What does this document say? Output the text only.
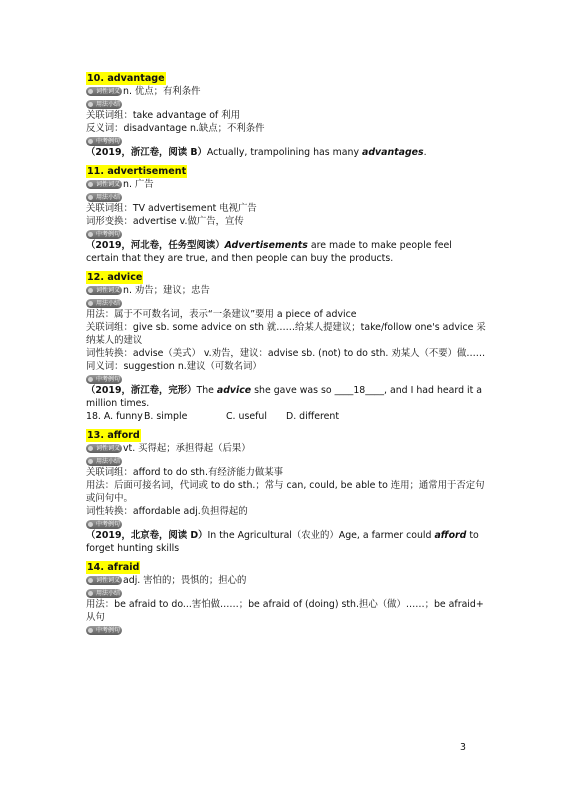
10. advantage
词性词义 n. 优点；有利条件
用法小结
关联词组：take advantage of 利用
反义词：disadvantage n.缺点；不利条件
中考例句
（2019，浙江卷，阅读 B）Actually, trampolining has many advantages.
11. advertisement
词性词义 n. 广告
用法小结
关联词组：TV advertisement 电视广告
词形变换：advertise v.做广告，宣传
中考例句
（2019，河北卷，任务型阅读）Advertisements are made to make people feel certain that they are true, and then people can buy the products.
12. advice
词性词义 n. 劝告；建议；忠告
用法小结
用法：属于不可数名词，表示“一条建议”要用 a piece of advice
关联词组：give sb. some advice on sth 就……给某人提建议；take/follow one's advice 采纳某人的建议
词性转换：advise（美式） v.劝告，建议：advise sb. (not) to do sth. 劝某人（不要）做……
同义词：suggestion n.建议（可数名词）
中考例句
（2019，浙江卷，完形）The advice she gave was so ____18____, and I had heard it a million times.
18. A. funnyB. simple	C. useful D. different
13. afford
词性词义 vt. 买得起；承担得起（后果）
用法小结
关联词组：afford to do sth.有经济能力做某事
用法：后面可接名词，代词或 to do sth.；常与 can, could, be able to 连用；通常用于否定句或问句中。
词性转换：affordable adj.负担得起的
中考例句
（2019，北京卷，阅读 D）In the Agricultural（农业的）Age, a farmer could afford to forget hunting skills
14. afraid
词性词义 adj. 害怕的；畏惧的；担心的
用法小结
用法：be afraid to do...害怕做……；be afraid of (doing) sth.担心（做）……；be afraid+ 从句
中考例句
3
